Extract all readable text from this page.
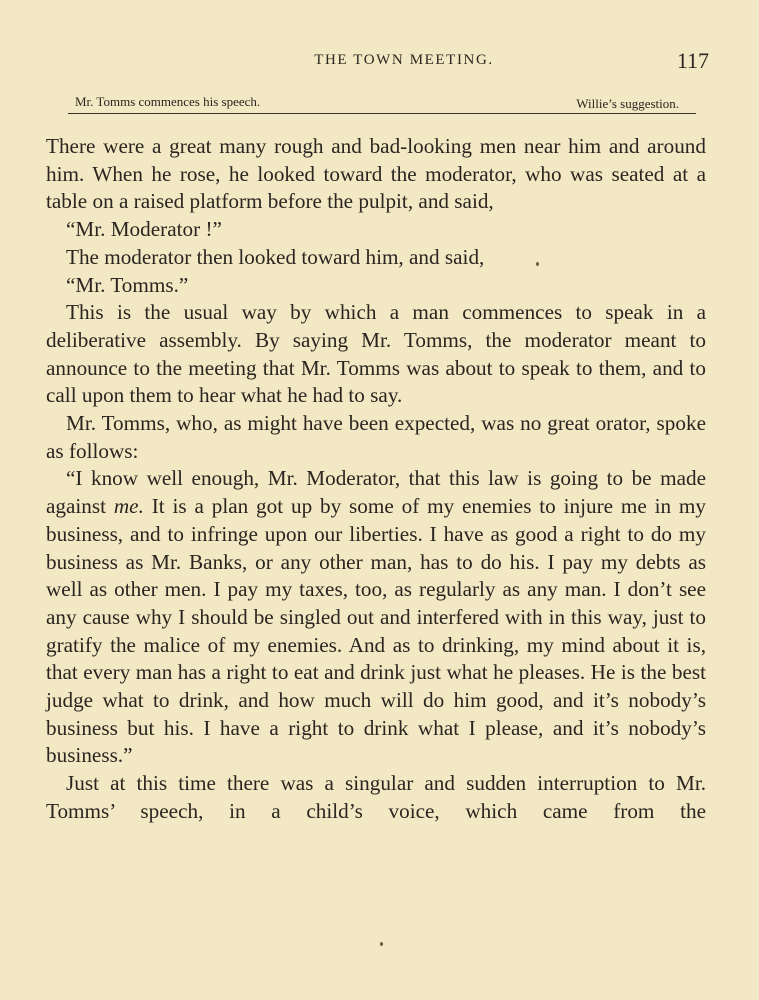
THE TOWN MEETING.	117
Mr. Tomms commences his speech.	Willie’s suggestion.

There were a great many rough and bad-looking men near him and around him. When he rose, he looked toward the moderator, who was seated at a table on a raised platform before the pulpit, and said,

“Mr. Moderator !”

The moderator then looked toward him, and said,

“Mr. Tomms.”

This is the usual way by which a man commences to speak in a deliberative assembly. By saying Mr. Tomms, the moderator meant to announce to the meeting that Mr. Tomms was about to speak to them, and to call upon them to hear what he had to say.

Mr. Tomms, who, as might have been expected, was no great orator, spoke as follows:

“I know well enough, Mr. Moderator, that this law is going to be made against me. It is a plan got up by some of my enemies to injure me in my business, and to infringe upon our liberties. I have as good a right to do my business as Mr. Banks, or any other man, has to do his. I pay my debts as well as other men. I pay my taxes, too, as regularly as any man. I don’t see any cause why I should be singled out and interfered with in this way, just to gratify the malice of my enemies. And as to drinking, my mind about it is, that every man has a right to eat and drink just what he pleases. He is the best judge what to drink, and how much will do him good, and it’s nobody’s business but his. I have a right to drink what I please, and it’s nobody’s business.”

Just at this time there was a singular and sudden interruption to Mr. Tomms’ speech, in a child’s voice, which came from the
